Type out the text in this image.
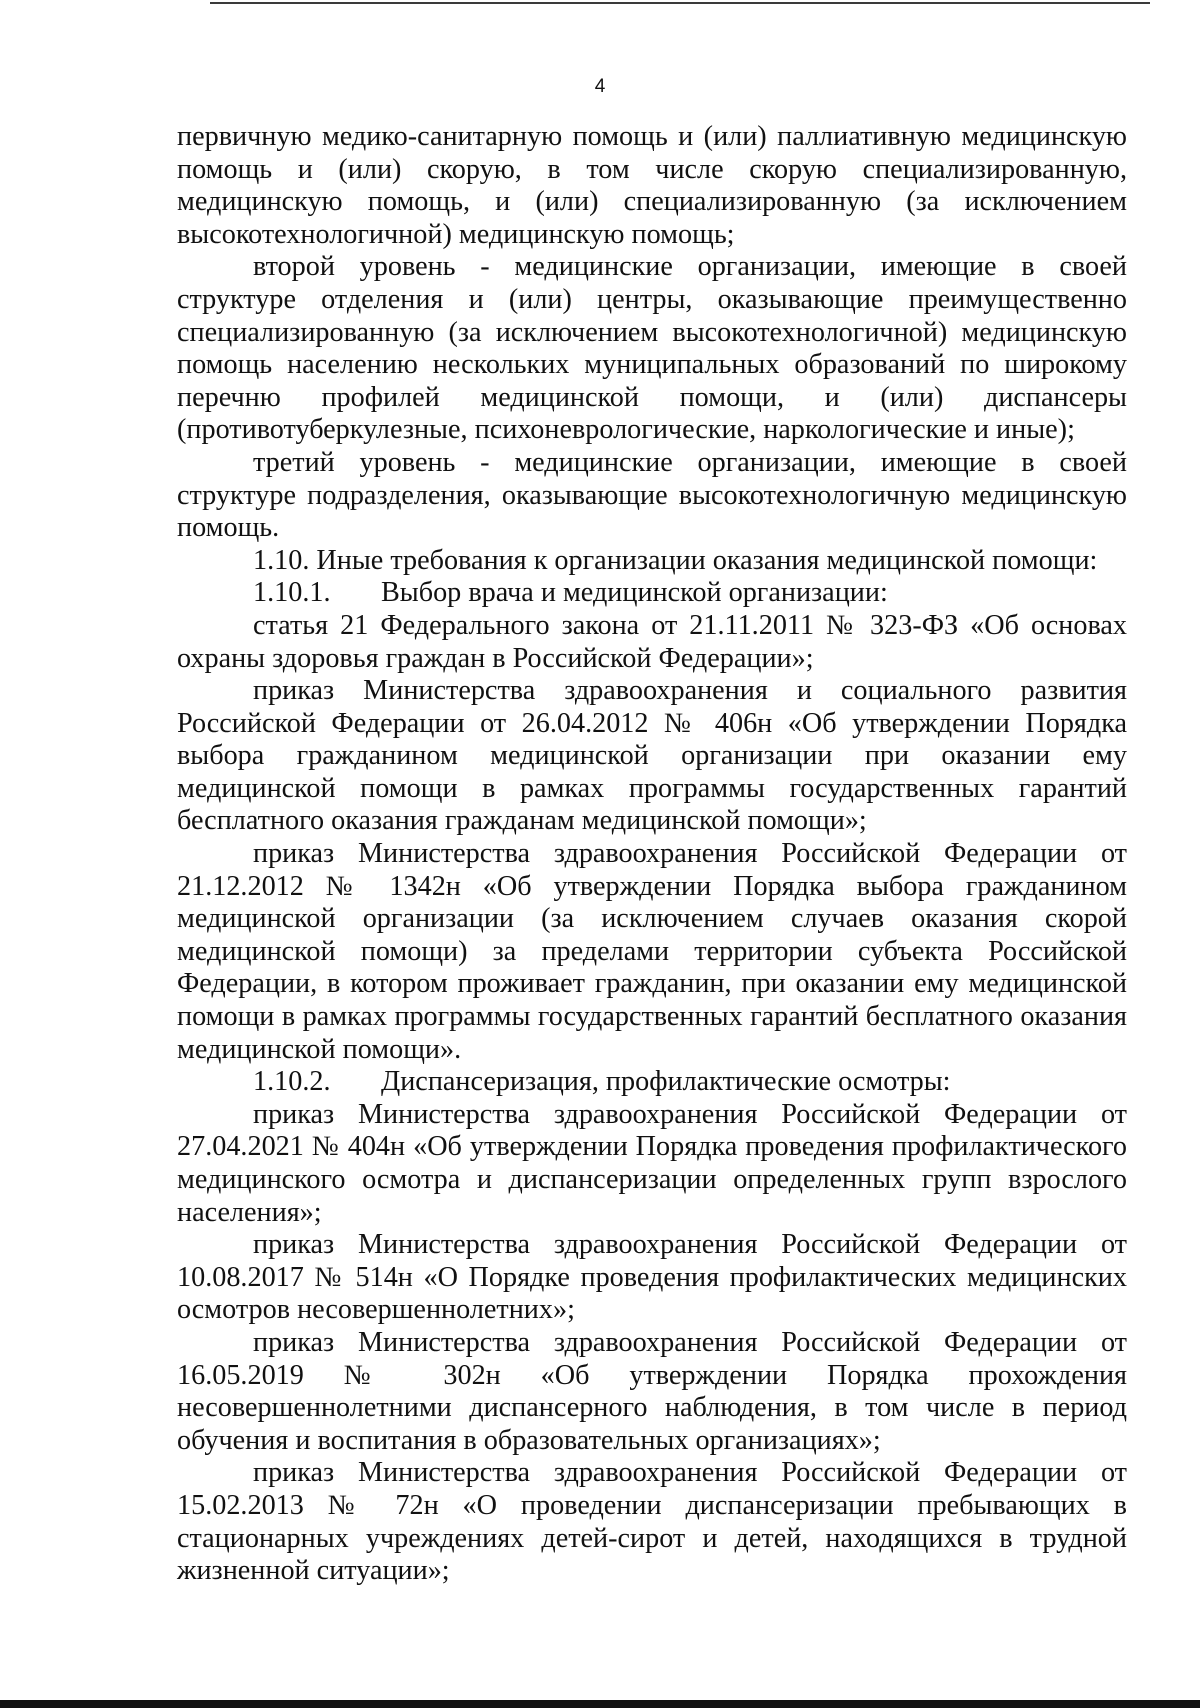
4

первичную медико-санитарную помощь и (или) паллиативную медицинскую помощь и (или) скорую, в том числе скорую специализированную, медицинскую помощь, и (или) специализированную (за исключением высокотехнологичной) медицинскую помощь;

второй уровень - медицинские организации, имеющие в своей структуре отделения и (или) центры, оказывающие преимущественно специализированную (за исключением высокотехнологичной) медицинскую помощь населению нескольких муниципальных образований по широкому перечню профилей медицинской помощи, и (или) диспансеры (противотуберкулезные, психоневрологические, наркологические и иные);

третий уровень - медицинские организации, имеющие в своей структуре подразделения, оказывающие высокотехнологичную медицинскую помощь.

1.10. Иные требования к организации оказания медицинской помощи:

1.10.1. Выбор врача и медицинской организации:

статья 21 Федерального закона от 21.11.2011 № 323-ФЗ «Об основах охраны здоровья граждан в Российской Федерации»;

приказ Министерства здравоохранения и социального развития Российской Федерации от 26.04.2012 № 406н «Об утверждении Порядка выбора гражданином медицинской организации при оказании ему медицинской помощи в рамках программы государственных гарантий бесплатного оказания гражданам медицинской помощи»;

приказ Министерства здравоохранения Российской Федерации от 21.12.2012 № 1342н «Об утверждении Порядка выбора гражданином медицинской организации (за исключением случаев оказания скорой медицинской помощи) за пределами территории субъекта Российской Федерации, в котором проживает гражданин, при оказании ему медицинской помощи в рамках программы государственных гарантий бесплатного оказания медицинской помощи».

1.10.2. Диспансеризация, профилактические осмотры:

приказ Министерства здравоохранения Российской Федерации от 27.04.2021 № 404н «Об утверждении Порядка проведения профилактического медицинского осмотра и диспансеризации определенных групп взрослого населения»;

приказ Министерства здравоохранения Российской Федерации от 10.08.2017 № 514н «О Порядке проведения профилактических медицинских осмотров несовершеннолетних»;

приказ Министерства здравоохранения Российской Федерации от 16.05.2019 № 302н «Об утверждении Порядка прохождения несовершеннолетними диспансерного наблюдения, в том числе в период обучения и воспитания в образовательных организациях»;

приказ Министерства здравоохранения Российской Федерации от 15.02.2013 № 72н «О проведении диспансеризации пребывающих в стационарных учреждениях детей-сирот и детей, находящихся в трудной жизненной ситуации»;
